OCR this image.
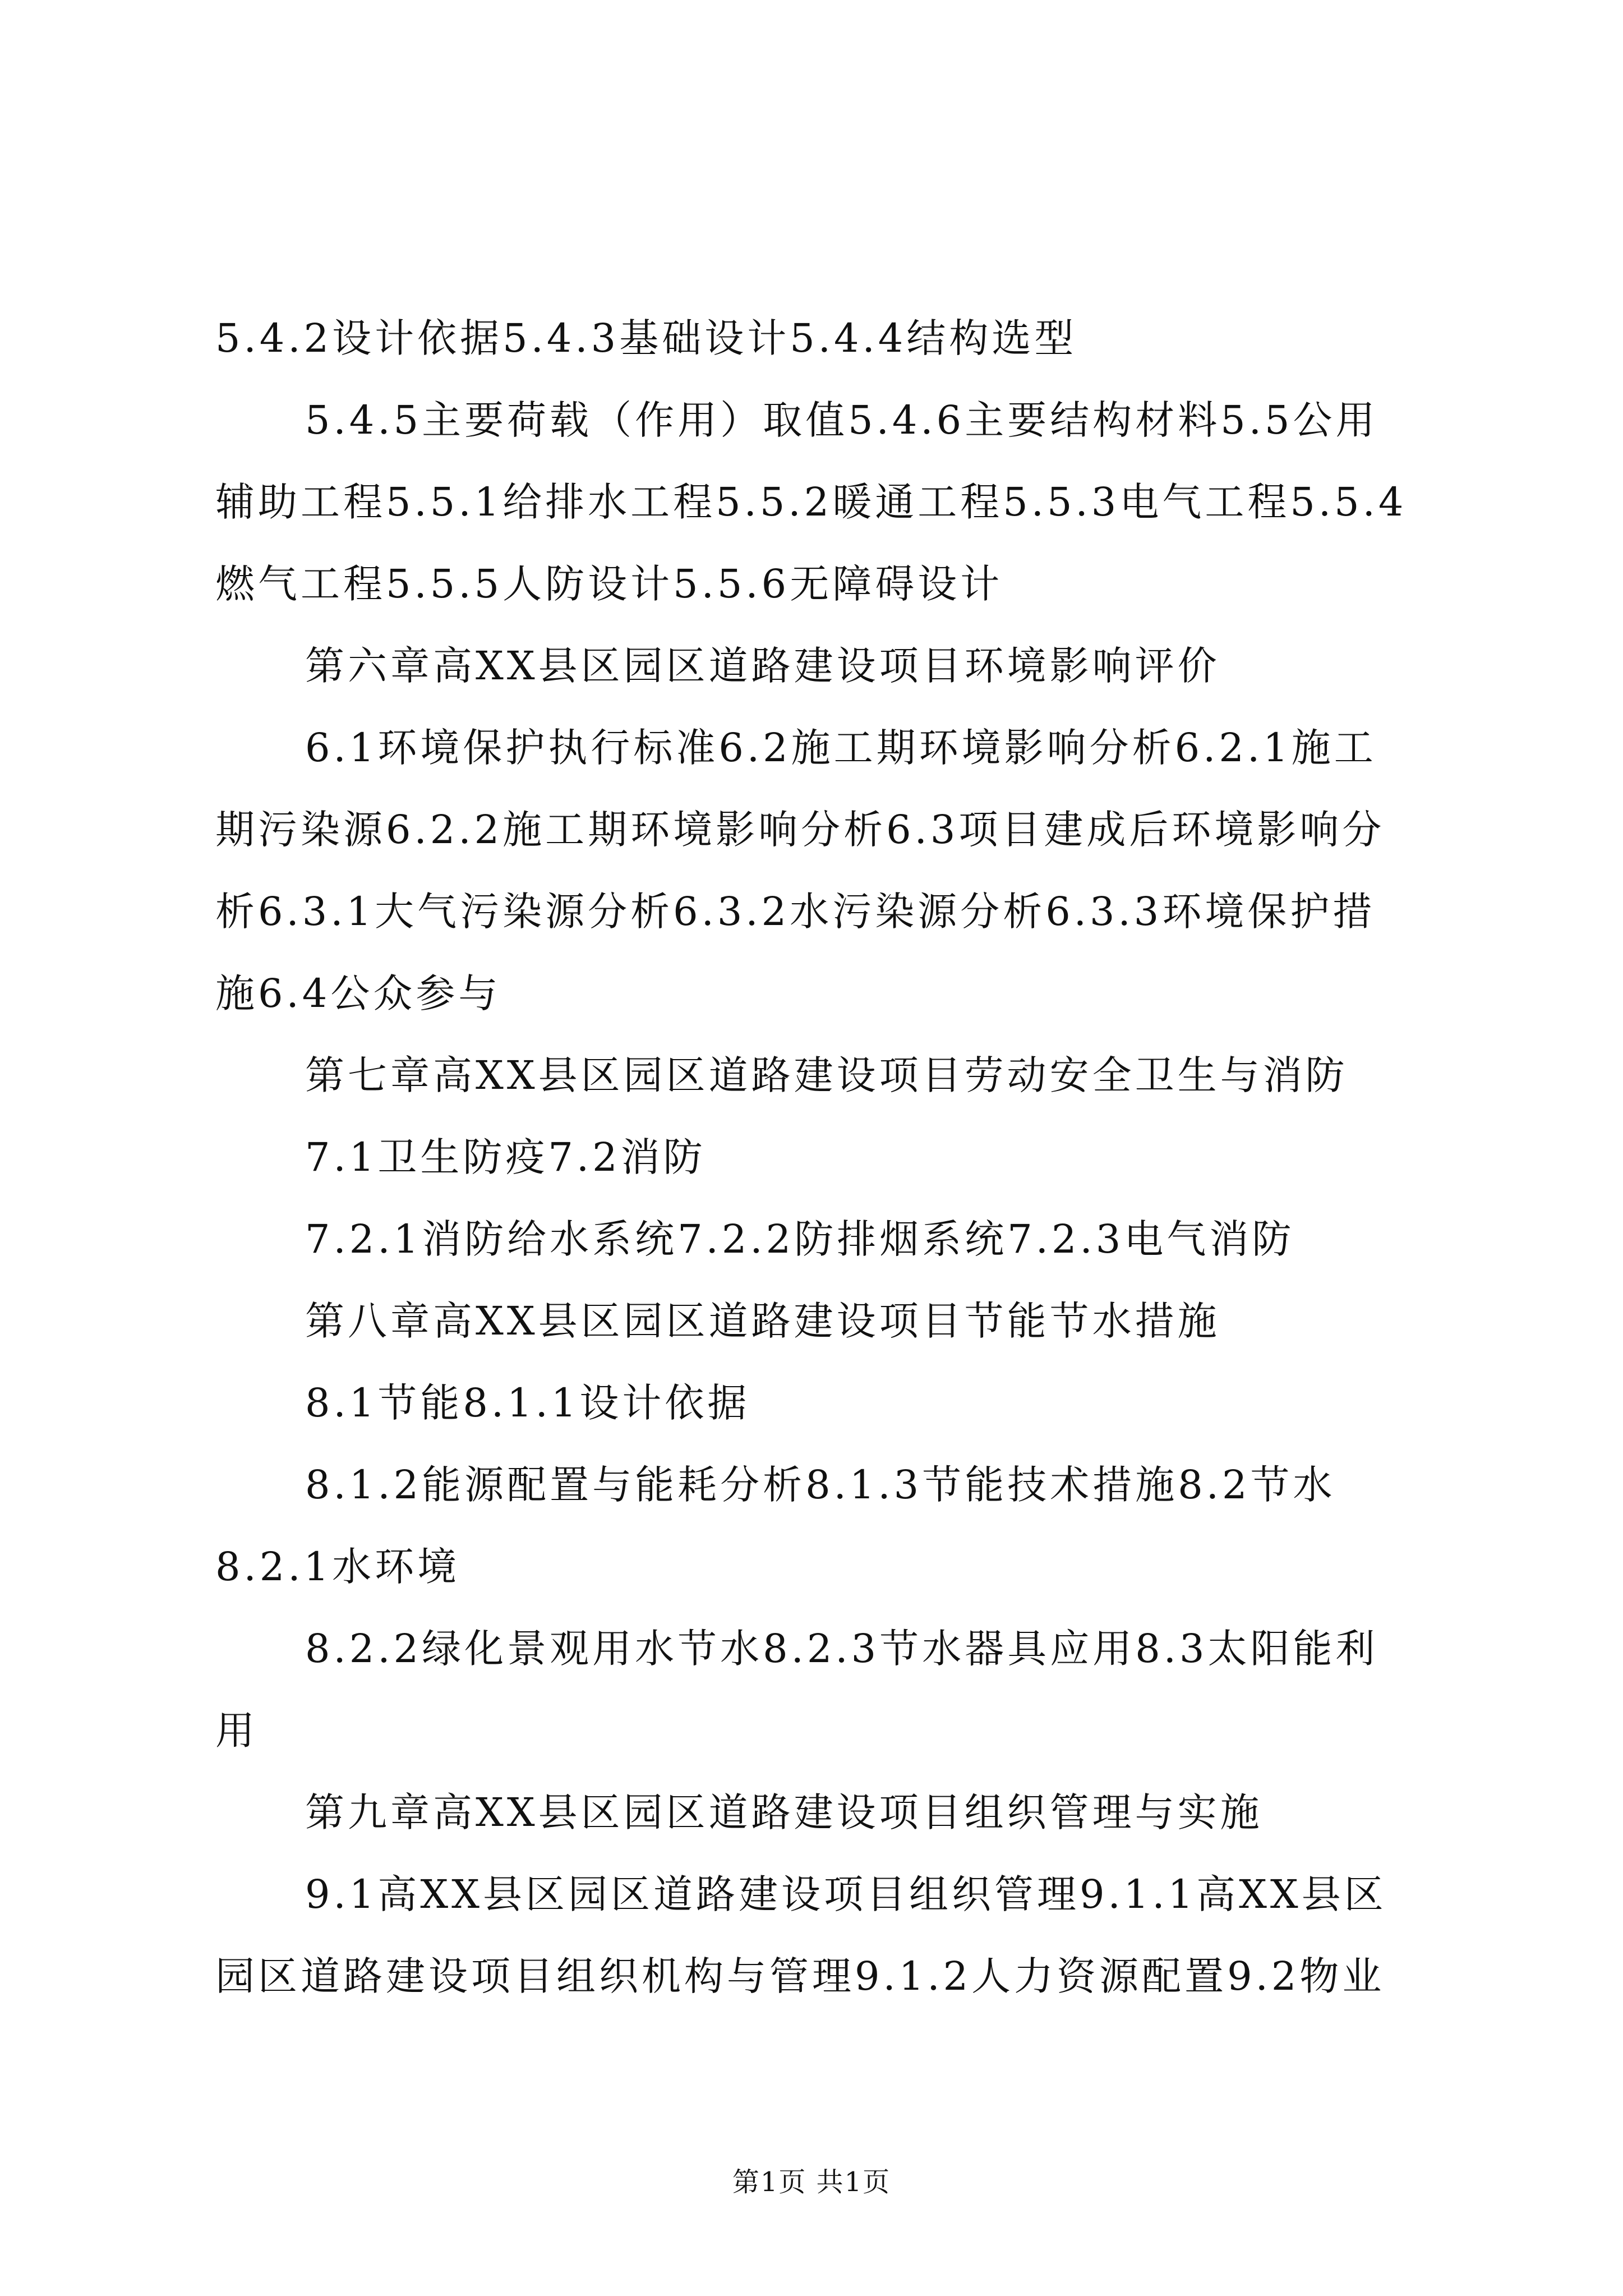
5.4.2设计依据5.4.3基础设计5.4.4结构选型

5.4.5主要荷载（作用）取值5.4.6主要结构材料5.5公用辅助工程5.5.1给排水工程5.5.2暖通工程5.5.3电气工程5.5.4燃气工程5.5.5人防设计5.5.6无障碍设计

第六章高XX县区园区道路建设项目环境影响评价

6.1环境保护执行标准6.2施工期环境影响分析6.2.1施工期污染源6.2.2施工期环境影响分析6.3项目建成后环境影响分析6.3.1大气污染源分析6.3.2水污染源分析6.3.3环境保护措施6.4公众参与

第七章高XX县区园区道路建设项目劳动安全卫生与消防

7.1卫生防疫7.2消防

7.2.1消防给水系统7.2.2防排烟系统7.2.3电气消防

第八章高XX县区园区道路建设项目节能节水措施

8.1节能8.1.1设计依据

8.1.2能源配置与能耗分析8.1.3节能技术措施8.2节水8.2.1水环境

8.2.2绿化景观用水节水8.2.3节水器具应用8.3太阳能利用

第九章高XX县区园区道路建设项目组织管理与实施

9.1高XX县区园区道路建设项目组织管理9.1.1高XX县区园区道路建设项目组织机构与管理9.1.2人力资源配置9.2物业

第1页 共1页
